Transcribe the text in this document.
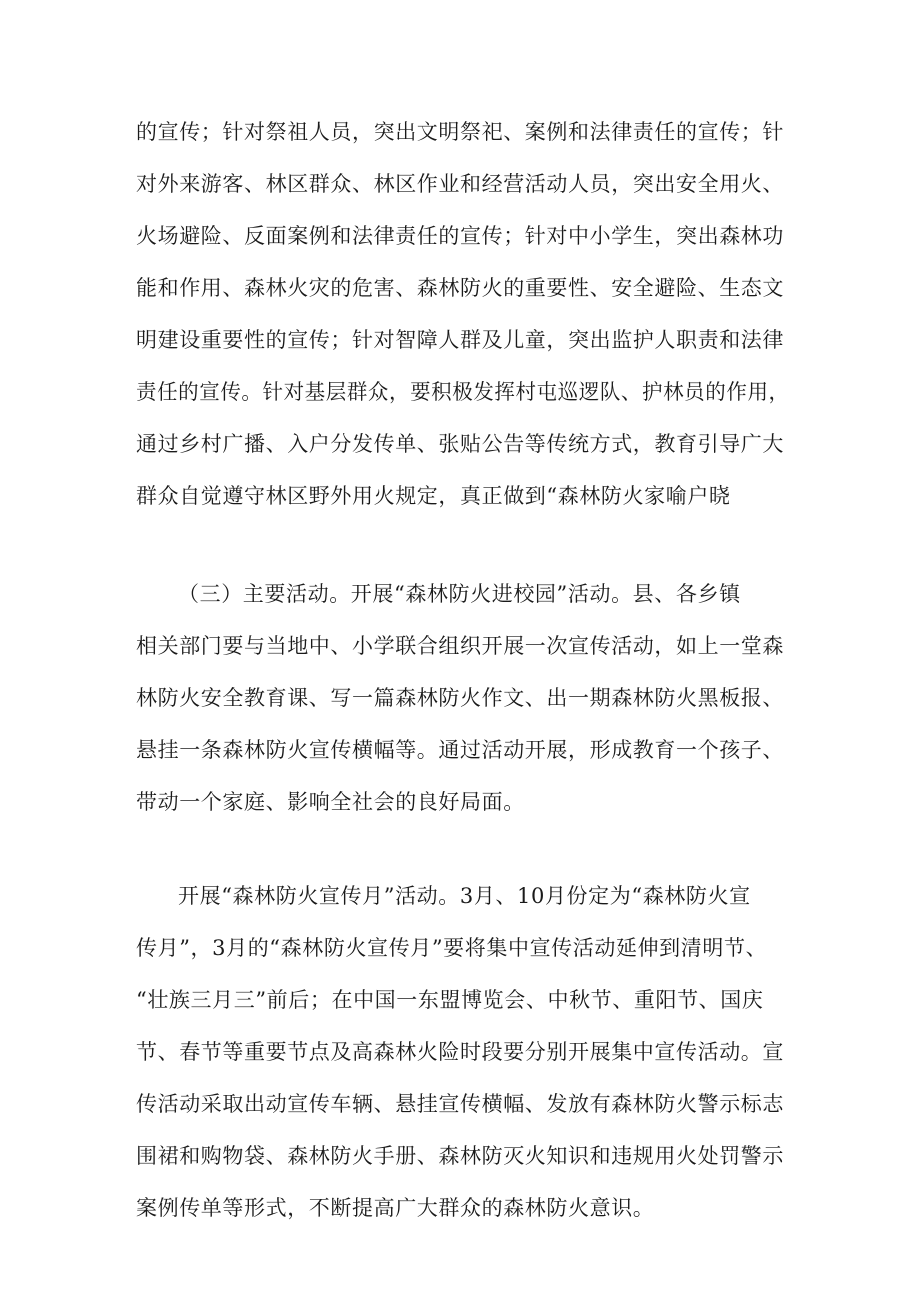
的宣传；针对祭祖人员，突出文明祭祀、案例和法律责任的宣传；针
对外来游客、林区群众、林区作业和经营活动人员，突出安全用火、
火场避险、反面案例和法律责任的宣传；针对中小学生，突出森林功
能和作用、森林火灾的危害、森林防火的重要性、安全避险、生态文
明建设重要性的宣传；针对智障人群及儿童，突出监护人职责和法律
责任的宣传。针对基层群众，要积极发挥村屯巡逻队、护林员的作用，
通过乡村广播、入户分发传单、张贴公告等传统方式，教育引导广大
群众自觉遵守林区野外用火规定，真正做到“森林防火家喻户晓
（三）主要活动。开展“森林防火进校园”活动。县、各乡镇
相关部门要与当地中、小学联合组织开展一次宣传活动，如上一堂森
林防火安全教育课、写一篇森林防火作文、出一期森林防火黑板报、
悬挂一条森林防火宣传横幅等。通过活动开展，形成教育一个孩子、
带动一个家庭、影响全社会的良好局面。
开展“森林防火宣传月”活动。3月、10月份定为“森林防火宣
传月”，3月的“森林防火宣传月”要将集中宣传活动延伸到清明节、
“壮族三月三”前后；在中国一东盟博览会、中秋节、重阳节、国庆
节、春节等重要节点及高森林火险时段要分别开展集中宣传活动。宣
传活动采取出动宣传车辆、悬挂宣传横幅、发放有森林防火警示标志
围裙和购物袋、森林防火手册、森林防灭火知识和违规用火处罚警示
案例传单等形式，不断提高广大群众的森林防火意识。
